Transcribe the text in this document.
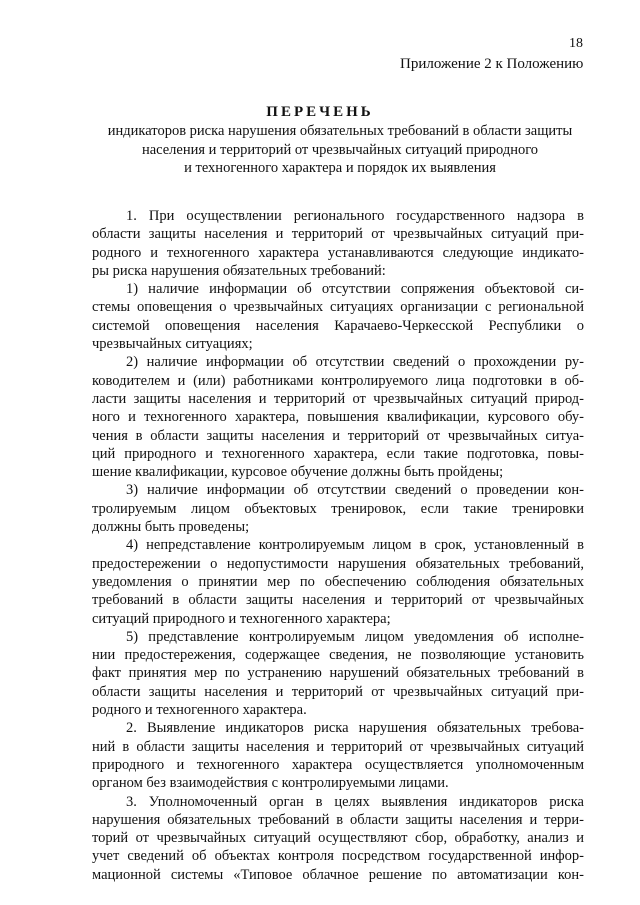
18
Приложение 2 к Положению
ПЕРЕЧЕНЬ
индикаторов риска нарушения обязательных требований в области защиты
населения и территорий от чрезвычайных ситуаций природного
и техногенного характера и порядок их выявления
1. При осуществлении регионального государственного надзора в
области защиты населения и территорий от чрезвычайных ситуаций при-
родного и техногенного характера устанавливаются следующие индикато-
ры риска нарушения обязательных требований:
1) наличие информации об отсутствии сопряжения объектовой си-
стемы оповещения о чрезвычайных ситуациях организации с региональной
системой оповещения населения Карачаево-Черкесской Республики о
чрезвычайных ситуациях;
2) наличие информации об отсутствии сведений о прохождении ру-
ководителем и (или) работниками контролируемого лица подготовки в об-
ласти защиты населения и территорий от чрезвычайных ситуаций природ-
ного и техногенного характера, повышения квалификации, курсового обу-
чения в области защиты населения и территорий от чрезвычайных ситуа-
ций природного и техногенного характера, если такие подготовка, повы-
шение квалификации, курсовое обучение должны быть пройдены;
3) наличие информации об отсутствии сведений о проведении кон-
тролируемым лицом объектовых тренировок, если такие тренировки
должны быть проведены;
4) непредставление контролируемым лицом в срок, установленный в
предостережении о недопустимости нарушения обязательных требований,
уведомления о принятии мер по обеспечению соблюдения обязательных
требований в области защиты населения и территорий от чрезвычайных
ситуаций природного и техногенного характера;
5) представление контролируемым лицом уведомления об исполне-
нии предостережения, содержащее сведения, не позволяющие установить
факт принятия мер по устранению нарушений обязательных требований в
области защиты населения и территорий от чрезвычайных ситуаций при-
родного и техногенного характера.
2. Выявление индикаторов риска нарушения обязательных требова-
ний в области защиты населения и территорий от чрезвычайных ситуаций
природного и техногенного характера осуществляется уполномоченным
органом без взаимодействия с контролируемыми лицами.
3. Уполномоченный орган в целях выявления индикаторов риска
нарушения обязательных требований в области защиты населения и терри-
торий от чрезвычайных ситуаций осуществляют сбор, обработку, анализ и
учет сведений об объектах контроля посредством государственной инфор-
мационной системы «Типовое облачное решение по автоматизации кон-
